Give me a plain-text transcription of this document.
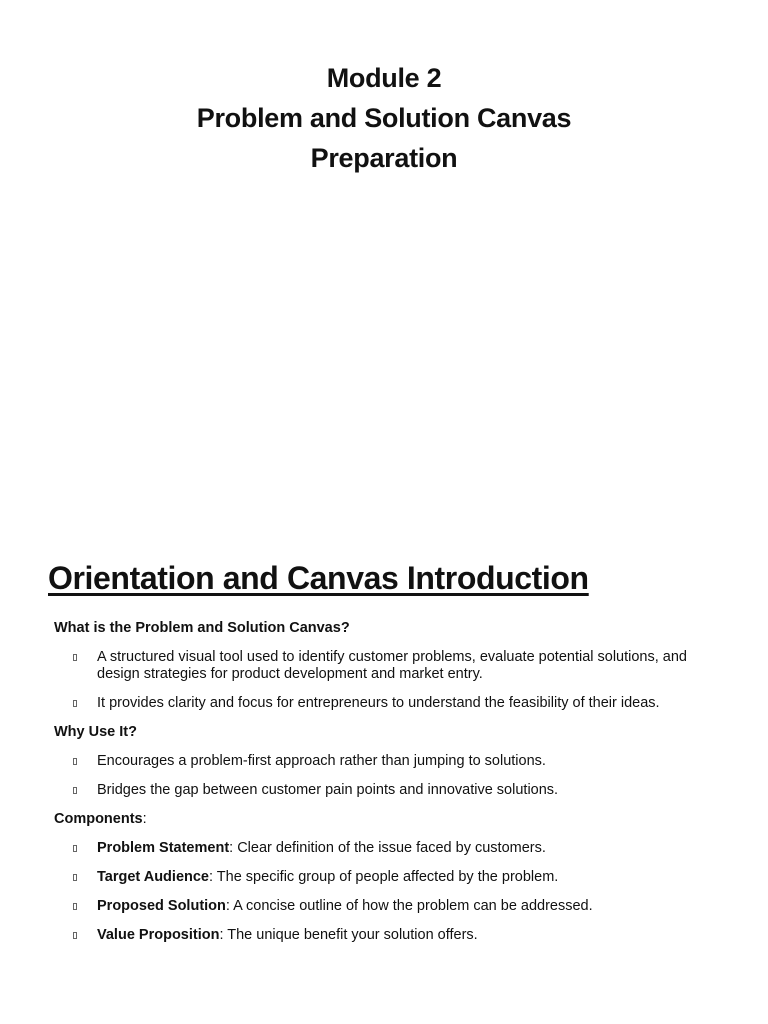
Module 2
Problem and Solution Canvas
Preparation
Orientation and Canvas Introduction

What is the Problem and Solution Canvas?

A structured visual tool used to identify customer problems, evaluate potential solutions, and design strategies for product development and market entry.
It provides clarity and focus for entrepreneurs to understand the feasibility of their ideas.

Why Use It?

Encourages a problem-first approach rather than jumping to solutions.
Bridges the gap between customer pain points and innovative solutions.

Components:

Problem Statement: Clear definition of the issue faced by customers.
Target Audience: The specific group of people affected by the problem.
Proposed Solution: A concise outline of how the problem can be addressed.
Value Proposition: The unique benefit your solution offers.
